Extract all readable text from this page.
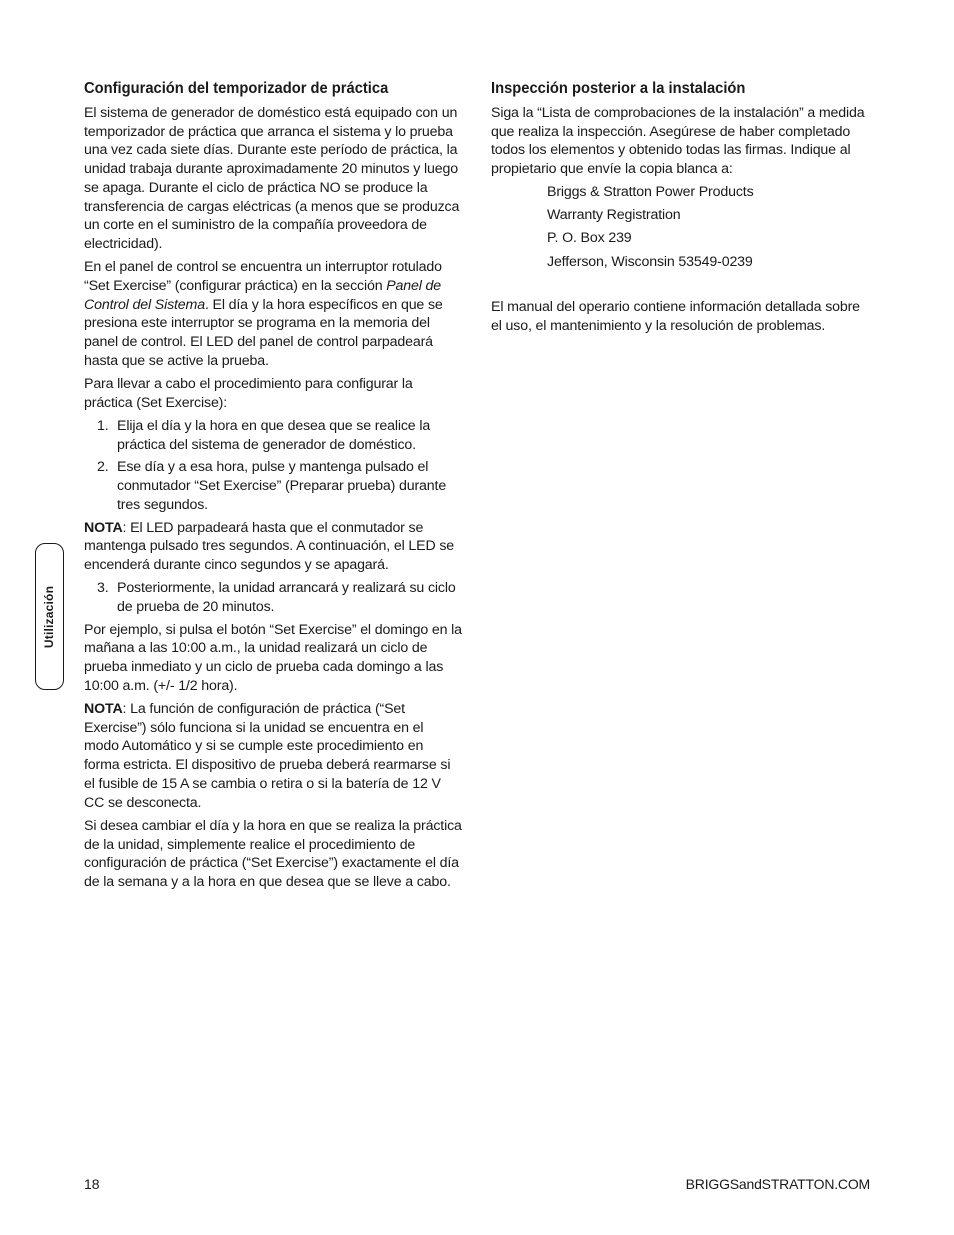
Configuración del temporizador de práctica

El sistema de generador de doméstico está equipado con un temporizador de práctica que arranca el sistema y lo prueba una vez cada siete días. Durante este período de práctica, la unidad trabaja durante aproximadamente 20 minutos y luego se apaga. Durante el ciclo de práctica NO se produce la transferencia de cargas eléctricas (a menos que se produzca un corte en el suministro de la compañía proveedora de electricidad).

En el panel de control se encuentra un interruptor rotulado “Set Exercise” (configurar práctica) en la sección Panel de Control del Sistema. El día y la hora específicos en que se presiona este interruptor se programa en la memoria del panel de control. El LED del panel de control parpadeará hasta que se active la prueba.

Para llevar a cabo el procedimiento para configurar la práctica (Set Exercise):

1. Elija el día y la hora en que desea que se realice la práctica del sistema de generador de doméstico.
2. Ese día y a esa hora, pulse y mantenga pulsado el conmutador “Set Exercise” (Preparar prueba) durante tres segundos.

NOTA: El LED parpadeará hasta que el conmutador se mantenga pulsado tres segundos. A continuación, el LED se encenderá durante cinco segundos y se apagará.

3. Posteriormente, la unidad arrancará y realizará su ciclo de prueba de 20 minutos.

Por ejemplo, si pulsa el botón “Set Exercise” el domingo en la mañana a las 10:00 a.m., la unidad realizará un ciclo de prueba inmediato y un ciclo de prueba cada domingo a las 10:00 a.m. (+/- 1/2 hora).

NOTA: La función de configuración de práctica (“Set Exercise”) sólo funciona si la unidad se encuentra en el modo Automático y si se cumple este procedimiento en forma estricta. El dispositivo de prueba deberá rearmarse si el fusible de 15 A se cambia o retira o si la batería de 12 V CC se desconecta.

Si desea cambiar el día y la hora en que se realiza la práctica de la unidad, simplemente realice el procedimiento de configuración de práctica (“Set Exercise”) exactamente el día de la semana y a la hora en que desea que se lleve a cabo.

Inspección posterior a la instalación

Siga la “Lista de comprobaciones de la instalación” a medida que realiza la inspección. Asegúrese de haber completado todos los elementos y obtenido todas las firmas. Indique al propietario que envíe la copia blanca a:

Briggs & Stratton Power Products
Warranty Registration
P. O. Box 239
Jefferson, Wisconsin 53549-0239

El manual del operario contiene información detallada sobre el uso, el mantenimiento y la resolución de problemas.

Utilización
18	BRIGGSandSTRATTON.COM
